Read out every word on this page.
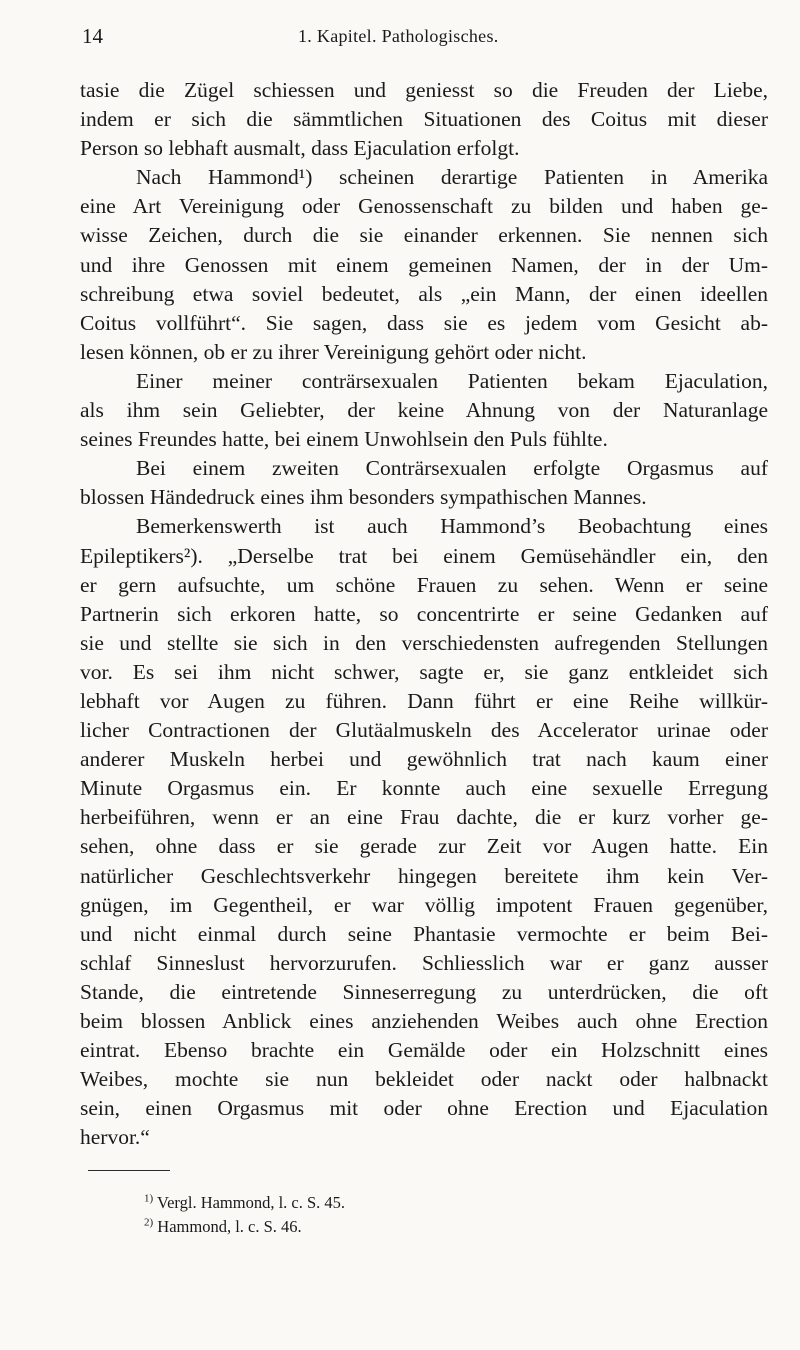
14	1. Kapitel. Pathologisches.
tasie die Zügel schiessen und geniesst so die Freuden der Liebe,
indem er sich die sämmtlichen Situationen des Coitus mit dieser
Person so lebhaft ausmalt, dass Ejaculation erfolgt.
Nach Hammond¹) scheinen derartige Patienten in Amerika
eine Art Vereinigung oder Genossenschaft zu bilden und haben ge-
wisse Zeichen, durch die sie einander erkennen. Sie nennen sich
und ihre Genossen mit einem gemeinen Namen, der in der Um-
schreibung etwa soviel bedeutet, als „ein Mann, der einen ideellen
Coitus vollführt“. Sie sagen, dass sie es jedem vom Gesicht ab-
lesen können, ob er zu ihrer Vereinigung gehört oder nicht.
Einer meiner conträrsexualen Patienten bekam Ejaculation,
als ihm sein Geliebter, der keine Ahnung von der Naturanlage
seines Freundes hatte, bei einem Unwohlsein den Puls fühlte.
Bei einem zweiten Conträrsexualen erfolgte Orgasmus auf
blossen Händedruck eines ihm besonders sympathischen Mannes.
Bemerkenswerth ist auch Hammond’s Beobachtung eines
Epileptikers²). „Derselbe trat bei einem Gemüsehändler ein, den
er gern aufsuchte, um schöne Frauen zu sehen. Wenn er seine
Partnerin sich erkoren hatte, so concentrirte er seine Gedanken auf
sie und stellte sie sich in den verschiedensten aufregenden Stellungen
vor. Es sei ihm nicht schwer, sagte er, sie ganz entkleidet sich
lebhaft vor Augen zu führen. Dann führt er eine Reihe willkür-
licher Contractionen der Glutäalmuskeln des Accelerator urinae oder
anderer Muskeln herbei und gewöhnlich trat nach kaum einer
Minute Orgasmus ein. Er konnte auch eine sexuelle Erregung
herbeiführen, wenn er an eine Frau dachte, die er kurz vorher ge-
sehen, ohne dass er sie gerade zur Zeit vor Augen hatte. Ein
natürlicher Geschlechtsverkehr hingegen bereitete ihm kein Ver-
gnügen, im Gegentheil, er war völlig impotent Frauen gegenüber,
und nicht einmal durch seine Phantasie vermochte er beim Bei-
schlaf Sinneslust hervorzurufen. Schliesslich war er ganz ausser
Stande, die eintretende Sinneserregung zu unterdrücken, die oft
beim blossen Anblick eines anziehenden Weibes auch ohne Erection
eintrat. Ebenso brachte ein Gemälde oder ein Holzschnitt eines
Weibes, mochte sie nun bekleidet oder nackt oder halbnackt
sein, einen Orgasmus mit oder ohne Erection und Ejaculation
hervor.“
$^{1)}$ Vergl. Hammond, l. c. S. 45.
$^{2)}$ Hammond, l. c. S. 46.
